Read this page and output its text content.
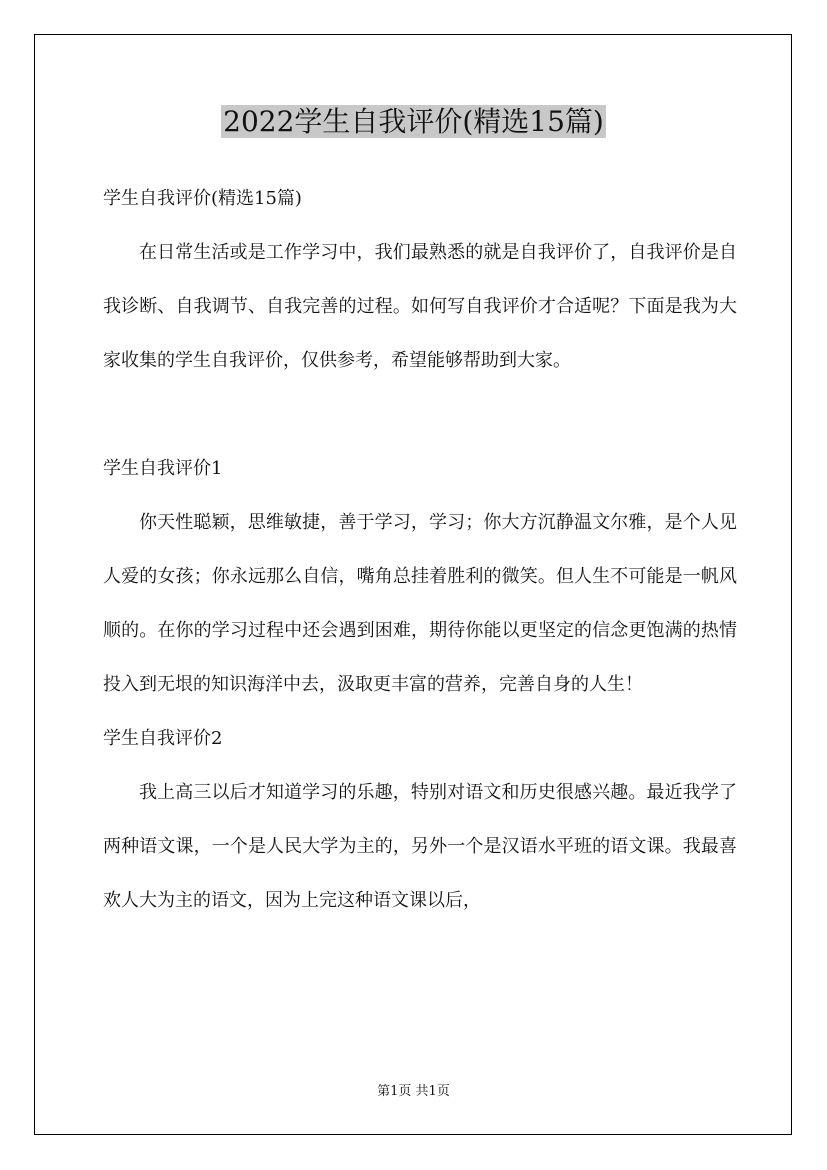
2022学生自我评价(精选15篇)

学生自我评价(精选15篇)

在日常生活或是工作学习中，我们最熟悉的就是自我评价了，自我评价是自我诊断、自我调节、自我完善的过程。如何写自我评价才合适呢？下面是我为大家收集的学生自我评价，仅供参考，希望能够帮助到大家。

学生自我评价1

你天性聪颖，思维敏捷，善于学习，学习；你大方沉静温文尔雅，是个人见人爱的女孩；你永远那么自信，嘴角总挂着胜利的微笑。但人生不可能是一帆风顺的。在你的学习过程中还会遇到困难，期待你能以更坚定的信念更饱满的热情投入到无垠的知识海洋中去，汲取更丰富的营养，完善自身的人生！

学生自我评价2

我上高三以后才知道学习的乐趣，特别对语文和历史很感兴趣。最近我学了两种语文课，一个是人民大学为主的，另外一个是汉语水平班的语文课。我最喜欢人大为主的语文，因为上完这种语文课以后，

第1页 共1页
